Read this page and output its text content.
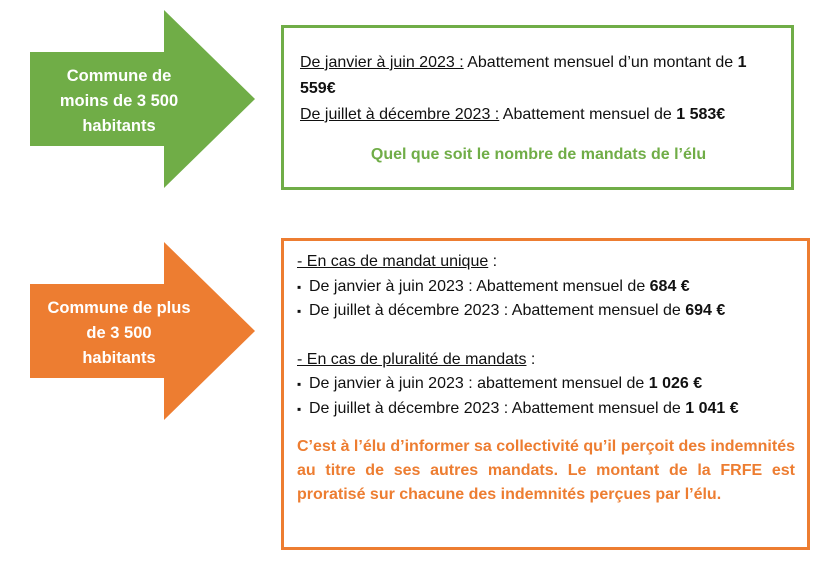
Commune de
moins de 3 500
habitants
De janvier à juin 2023 : Abattement mensuel d’un montant de 1 559€
De juillet à décembre 2023 : Abattement mensuel de 1 583€
Quel que soit le nombre de mandats de l’élu
Commune de plus
de 3 500
habitants
- En cas de mandat unique :
▪ De janvier à juin 2023 : Abattement mensuel de 684 €
▪ De juillet à décembre 2023 : Abattement mensuel de 694 €
- En cas de pluralité de mandats :
▪ De janvier à juin 2023 : abattement mensuel de 1 026 €
▪ De juillet à décembre 2023 : Abattement mensuel de 1 041 €
C’est à l’élu d’informer sa collectivité qu’il perçoit des indemnités au titre de ses autres mandats. Le montant de la FRFE est proratisé sur chacune des indemnités perçues par l’élu.
